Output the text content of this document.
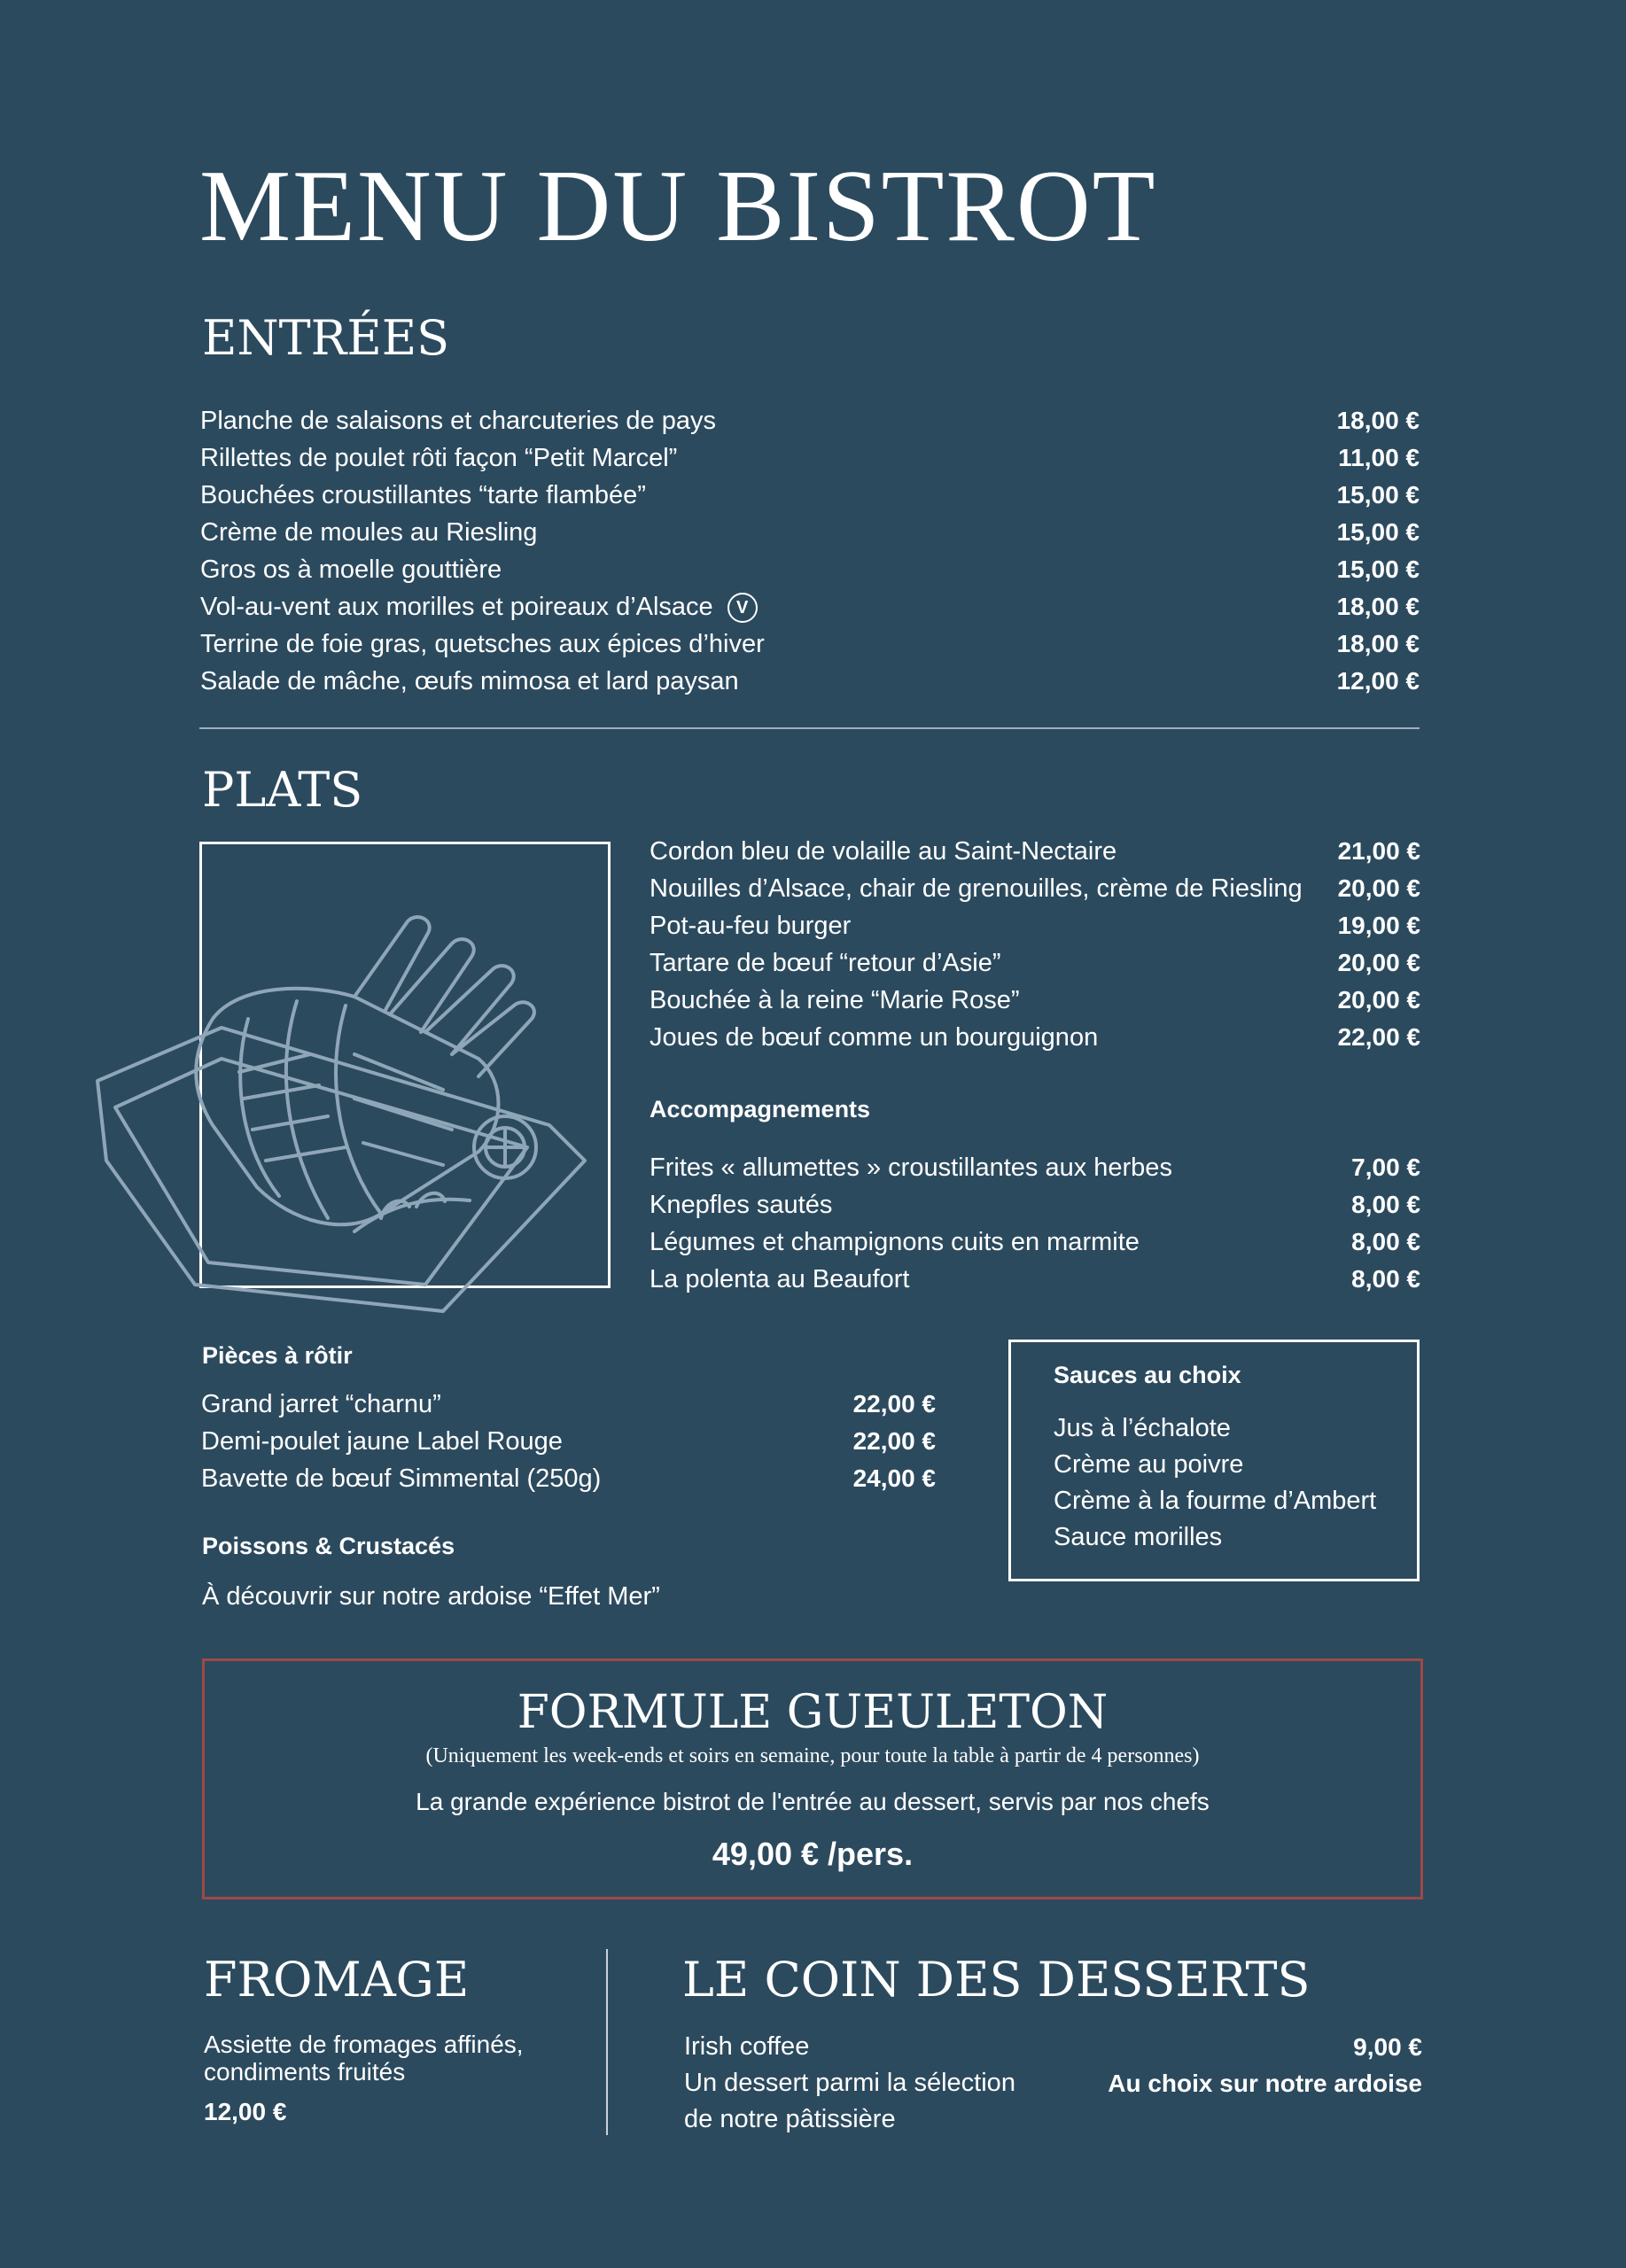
MENU DU BISTROT
ENTRÉES
Planche de salaisons et charcuteries de pays	18,00 €
Rillettes de poulet rôti façon “Petit Marcel”	11,00 €
Bouchées croustillantes “tarte flambée”	15,00 €
Crème de moules au Riesling	15,00 €
Gros os à moelle gouttière	15,00 €
Vol-au-vent aux morilles et poireaux d’Alsace V	18,00 €
Terrine de foie gras, quetsches aux épices d’hiver	18,00 €
Salade de mâche, œufs mimosa et lard paysan	12,00 €
PLATS
Cordon bleu de volaille au Saint-Nectaire	21,00 €
Nouilles d’Alsace, chair de grenouilles, crème de Riesling 20,00 €
Pot-au-feu burger	19,00 €
Tartare de bœuf “retour d’Asie”	20,00 €
Bouchée à la reine “Marie Rose”	20,00 €
Joues de bœuf comme un bourguignon	22,00 €
Accompagnements
Frites « allumettes » croustillantes aux herbes	7,00 €
Knepfles sautés	8,00 €
Légumes et champignons cuits en marmite	8,00 €
La polenta au Beaufort	8,00 €
Pièces à rôtir
Grand jarret “charnu”	22,00 €
Demi-poulet jaune Label Rouge	22,00 €
Bavette de bœuf Simmental (250g)	24,00 €
Poissons & Crustacés
À découvrir sur notre ardoise “Effet Mer”
Sauces au choix
Jus à l’échalote
Crème au poivre
Crème à la fourme d’Ambert
Sauce morilles
FORMULE GUEULETON
(Uniquement les week-ends et soirs en semaine, pour toute la table à partir de 4 personnes)
La grande expérience bistrot de l'entrée au dessert, servis par nos chefs
49,00 € /pers.
FROMAGE
Assiette de fromages affinés,
condiments fruités
12,00 €
LE COIN DES DESSERTS
Irish coffee	9,00 €
Un dessert parmi la sélection	Au choix sur notre ardoise
de notre pâtissière
